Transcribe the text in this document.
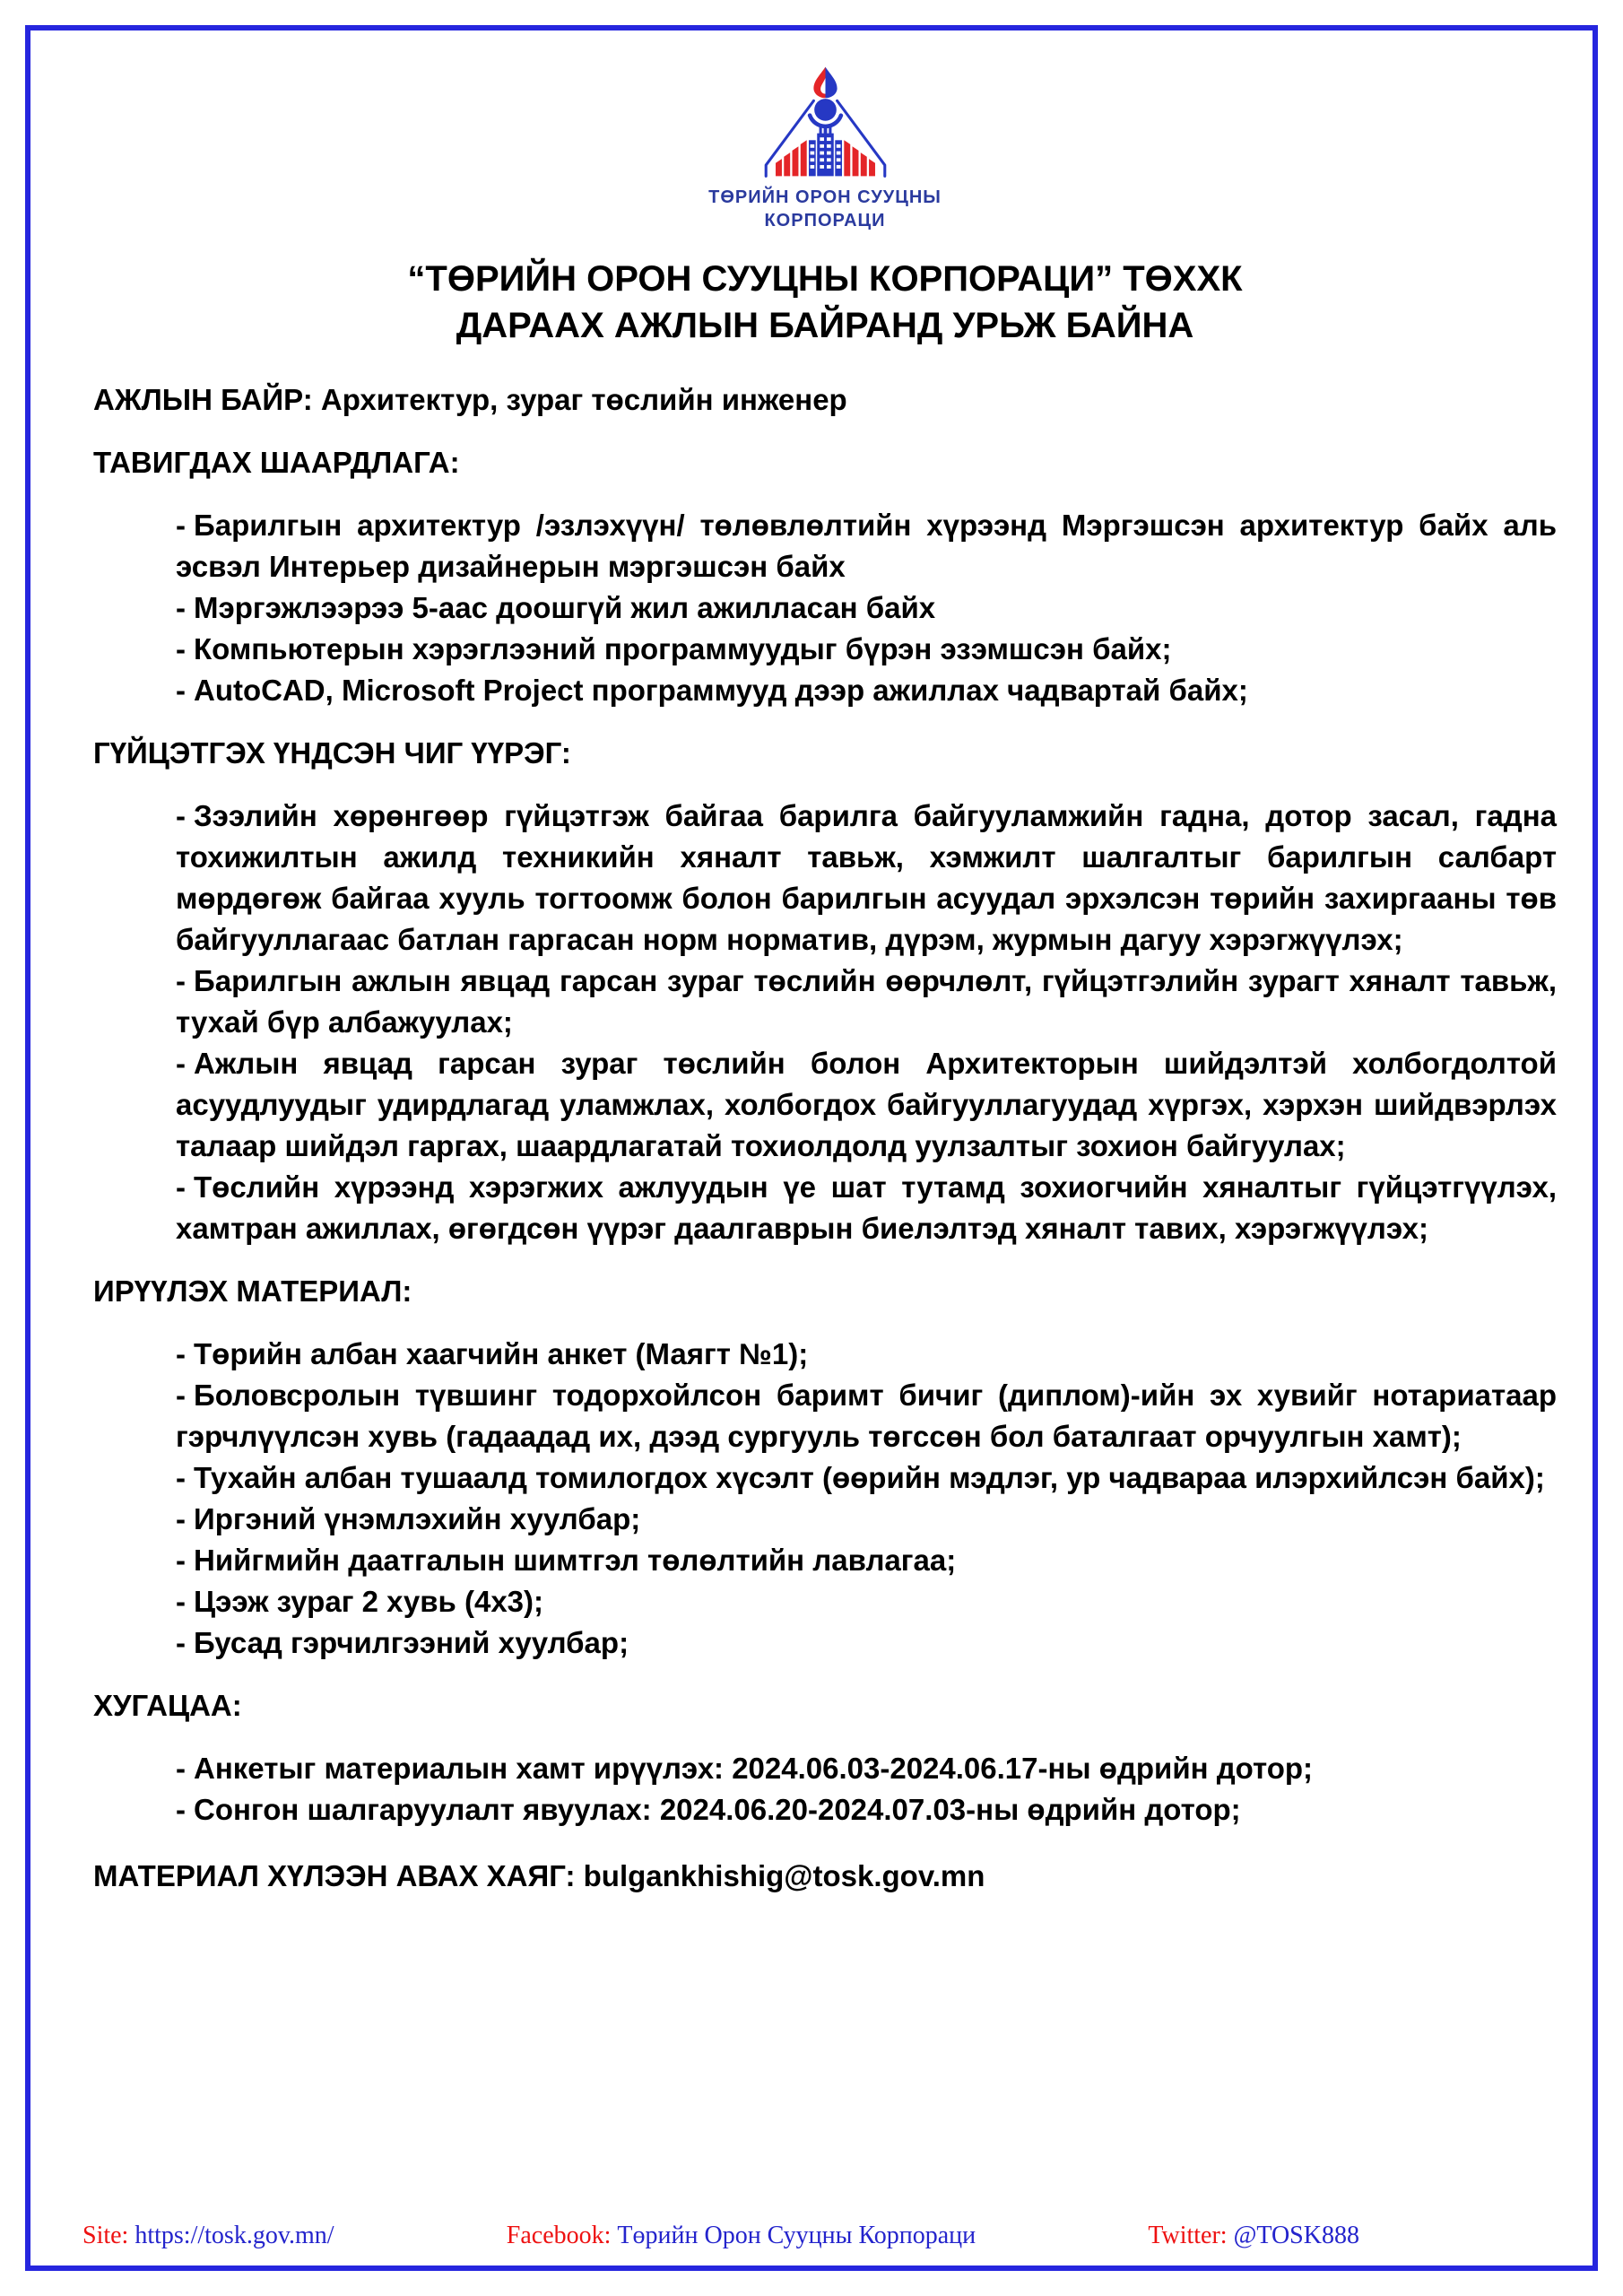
ТӨРИЙН ОРОН СУУЦНЫ
КОРПОРАЦИ
“ТӨРИЙН ОРОН СУУЦНЫ КОРПОРАЦИ” ТӨХХК
ДАРААХ АЖЛЫН БАЙРАНД УРЬЖ БАЙНА

АЖЛЫН БАЙР: Архитектур, зураг төслийн инженер

ТАВИГДАХ ШААРДЛАГА:

- Барилгын архитектур /эзлэхүүн/ төлөвлөлтийн хүрээнд Мэргэшсэн архитектур байх аль эсвэл Интерьер дизайнерын мэргэшсэн байх

- Мэргэжлээрээ 5-аас доошгүй жил ажилласан байх

- Компьютерын хэрэглээний программуудыг бүрэн эзэмшсэн байх;

- AutoCAD, Microsoft Project программууд дээр ажиллах чадвартай байх;

ГҮЙЦЭТГЭХ ҮНДСЭН ЧИГ ҮҮРЭГ:

- Зээлийн хөрөнгөөр гүйцэтгэж байгаа барилга байгууламжийн гадна, дотор засал, гадна тохижилтын ажилд техникийн хяналт тавьж, хэмжилт шалгалтыг барилгын салбарт мөрдөгөж байгаа хууль тогтоомж болон барилгын асуудал эрхэлсэн төрийн захиргааны төв байгууллагаас батлан гаргасан норм норматив, дүрэм, журмын дагуу хэрэгжүүлэх;

- Барилгын ажлын явцад гарсан зураг төслийн өөрчлөлт, гүйцэтгэлийн зурагт хяналт тавьж, тухай бүр албажуулах;

- Ажлын явцад гарсан зураг төслийн болон Архитекторын шийдэлтэй холбогдолтой асуудлуудыг удирдлагад уламжлах, холбогдох байгууллагуудад хүргэх, хэрхэн шийдвэрлэх талаар шийдэл гаргах, шаардлагатай тохиолдолд уулзалтыг зохион байгуулах;

- Төслийн хүрээнд хэрэгжих ажлуудын үе шат тутамд зохиогчийн хяналтыг гүйцэтгүүлэх, хамтран ажиллах, өгөгдсөн үүрэг даалгаврын биелэлтэд хяналт тавих, хэрэгжүүлэх;

ИРҮҮЛЭХ МАТЕРИАЛ:

- Төрийн албан хаагчийн анкет (Маягт №1);

- Боловсролын түвшинг тодорхойлсон баримт бичиг (диплом)-ийн эх хувийг нотариатаар гэрчлүүлсэн хувь (гадаадад их, дээд сургууль төгссөн бол баталгаат орчуулгын хамт);

- Тухайн албан тушаалд томилогдох хүсэлт (өөрийн мэдлэг, ур чадвараа илэрхийлсэн байх);

- Иргэний үнэмлэхийн хуулбар;

- Нийгмийн даатгалын шимтгэл төлөлтийн лавлагаа;

- Цээж зураг 2 хувь (4x3);

- Бусад гэрчилгээний хуулбар;

ХУГАЦАА:

- Анкетыг материалын хамт ирүүлэх: 2024.06.03-2024.06.17-ны өдрийн дотор;

- Сонгон шалгаруулалт явуулах: 2024.06.20-2024.07.03-ны өдрийн дотор;

МАТЕРИАЛ ХҮЛЭЭН АВАХ ХАЯГ: bulgankhishig@tosk.gov.mn

Site: https://tosk.gov.mn/	Facebook: Төрийн Орон Сууцны Корпораци	Twitter: @TOSK888
